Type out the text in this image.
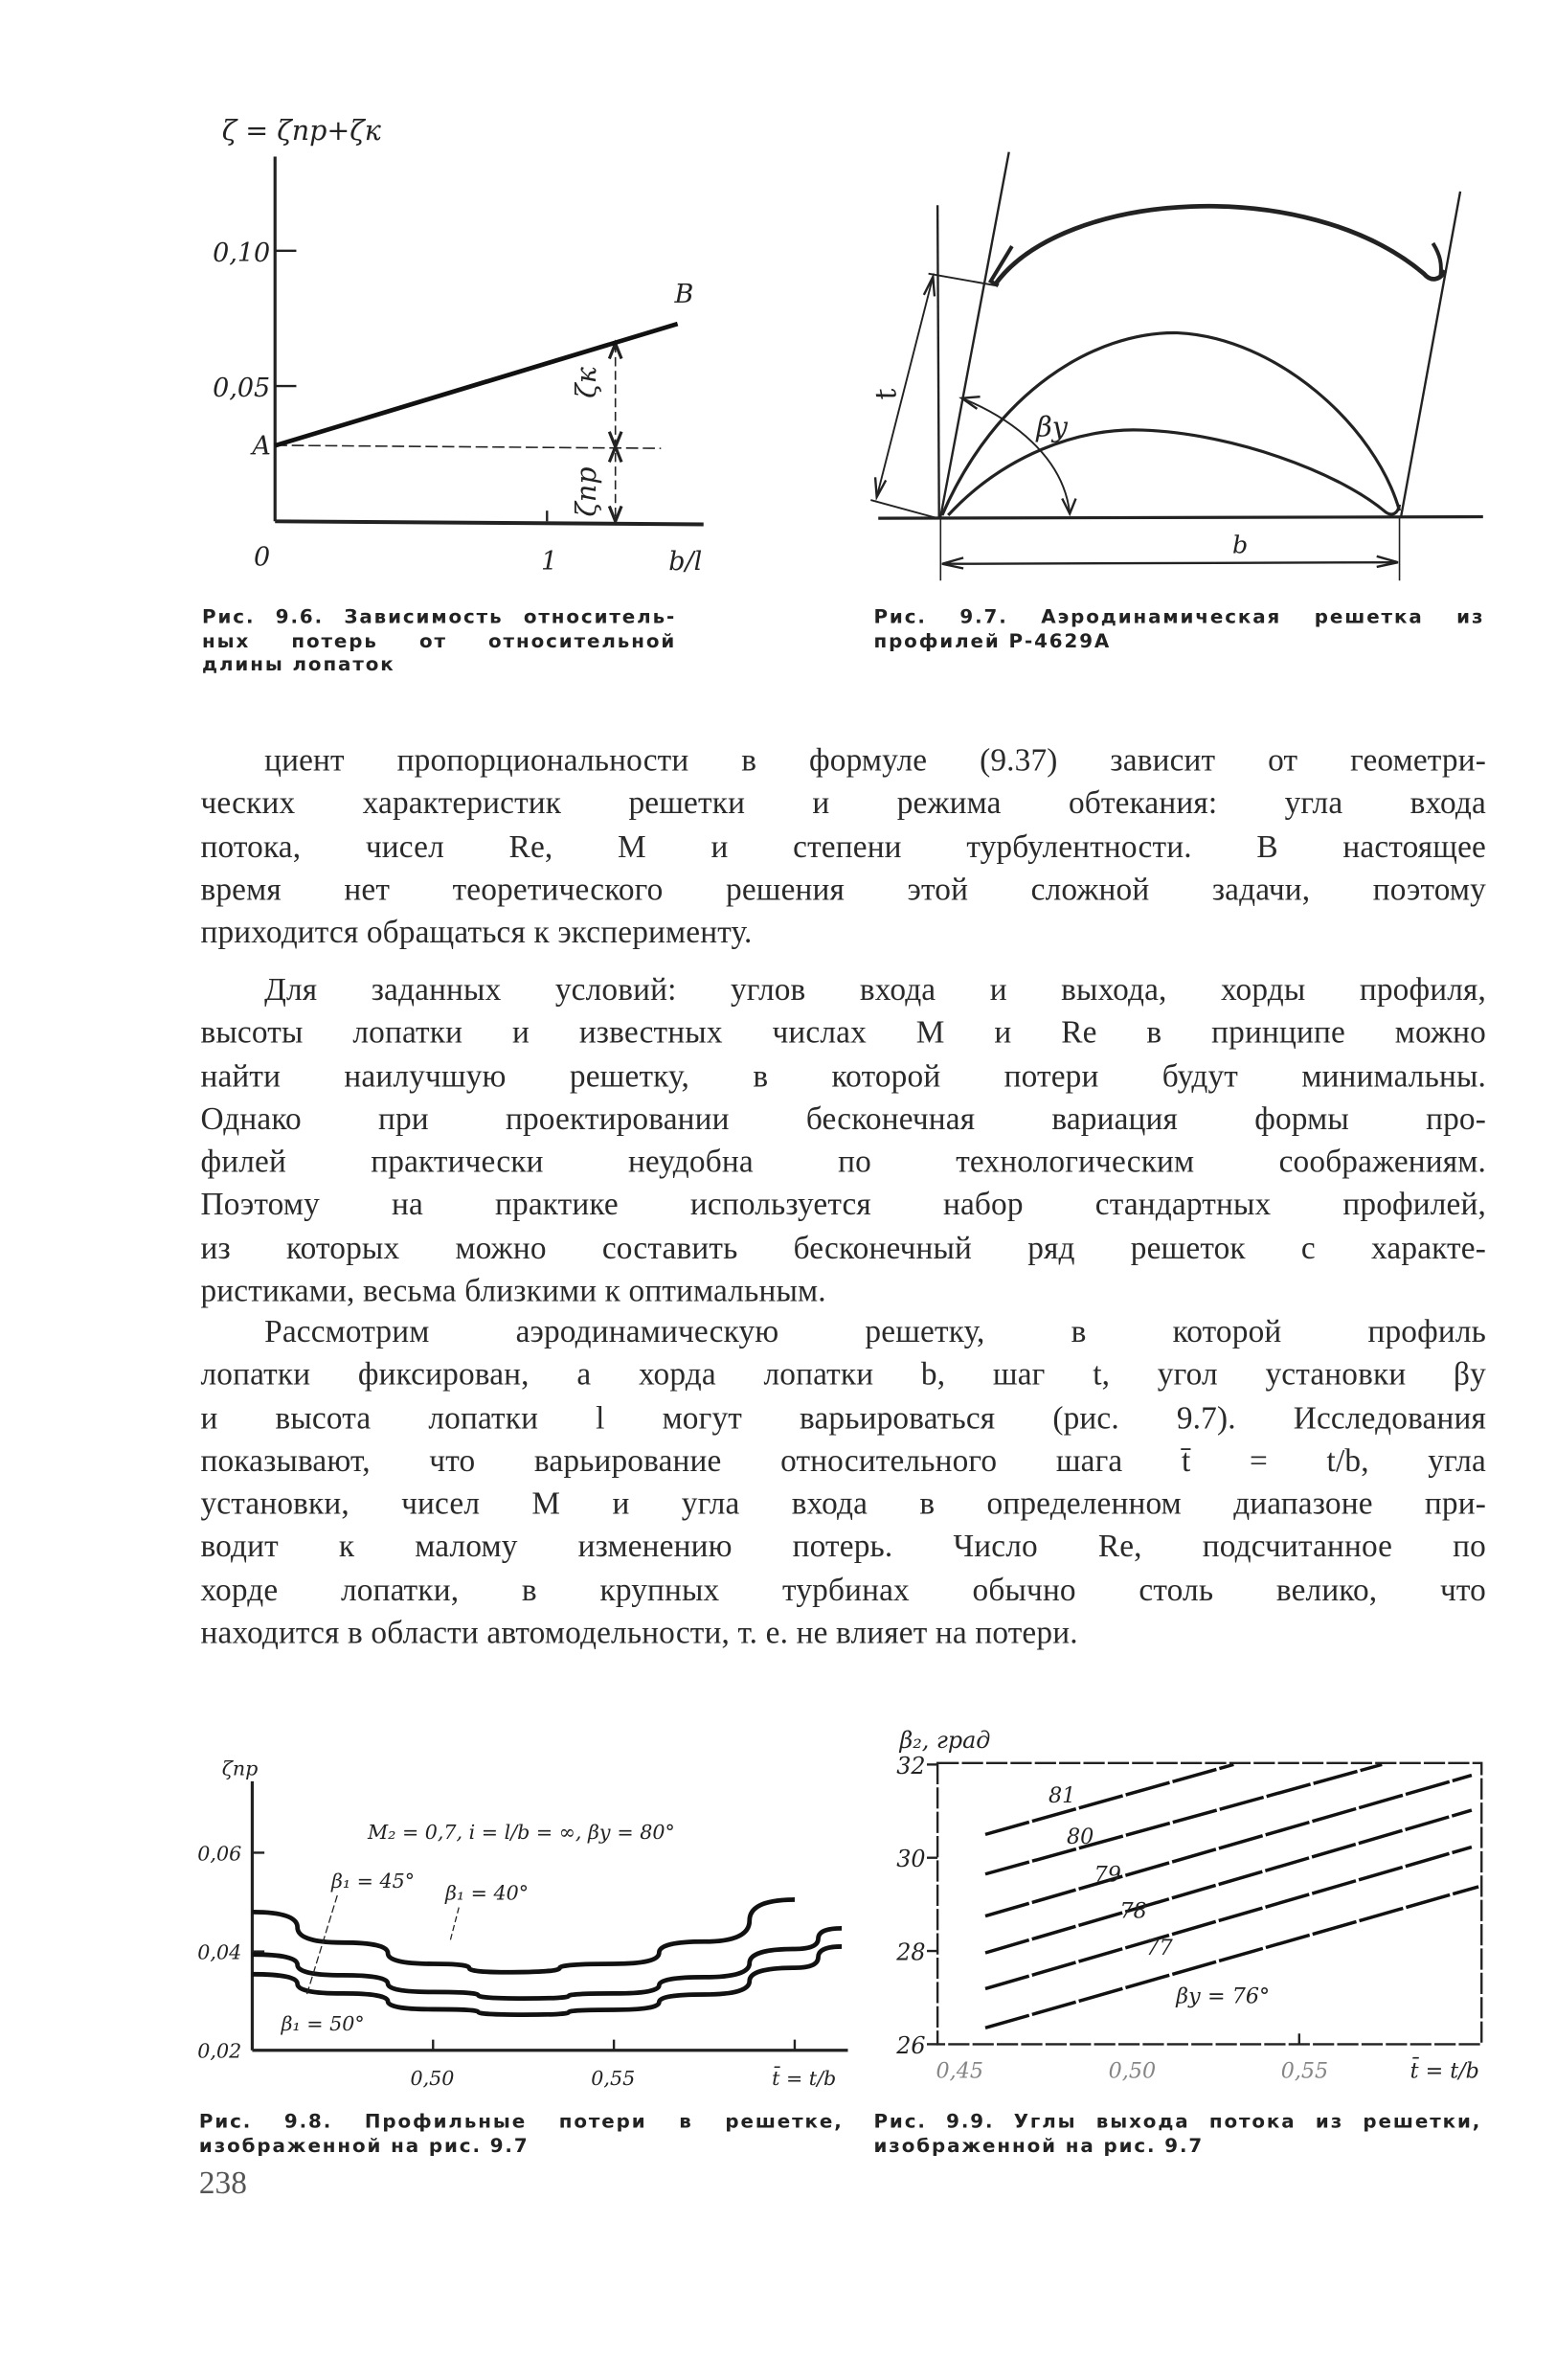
0,05
0,10
1
0	b/l
ζ = ζпр+ζк
A
B
ζк
ζпр
Рис. 9.6. Зависимость относитель-
ных потерь от относительной
длины лопаток
t
βу
b
Рис. 9.7. Аэродинамическая решетка из
профилей Р-4629А
циент пропорциональности в формуле (9.37) зависит от геометри-
ческих характеристик решетки и режима обтекания: угла входа
потока, чисел Re, M и степени турбулентности. В настоящее
время нет теоретического решения этой сложной задачи, поэтому
приходится обращаться к эксперименту.
Для заданных условий: углов входа и выхода, хорды профиля,
высоты лопатки и известных числах M и Re в принципе можно
найти наилучшую решетку, в которой потери будут минимальны.
Однако при проектировании бесконечная вариация формы про-
филей практически неудобна по технологическим соображениям.
Поэтому на практике используется набор стандартных профилей,
из которых можно составить бесконечный ряд решеток с характе-
ристиками, весьма близкими к оптимальным.
Рассмотрим аэродинамическую решетку, в которой профиль
лопатки фиксирован, а хорда лопатки b, шаг t, угол установки βу
и высота лопатки l могут варьироваться (рис. 9.7). Исследования
показывают, что варьирование относительного шага t̄ = t/b, угла
установки, чисел M и угла входа в определенном диапазоне при-
водит к малому изменению потерь. Число Re, подсчитанное по
хорде лопатки, в крупных турбинах обычно столь велико, что
находится в области автомодельности, т. е. не влияет на потери.
0,02
0,04
0,06
0,50	0,55	t̄ = t/b
ζпр
M₂ = 0,7, i = l/b = ∞, βу = 80°
β₁ = 45°
β₁ = 40°
β₁ = 50°
Рис. 9.8. Профильные потери в решетке,
изображенной на рис. 9.7
26
28
30
32
0,45	0,50	0,55	t̄ = t/b
β₂, град
81
80
79
78
77
βу = 76°
Рис. 9.9. Углы выхода потока из решетки,
изображенной на рис. 9.7
238
